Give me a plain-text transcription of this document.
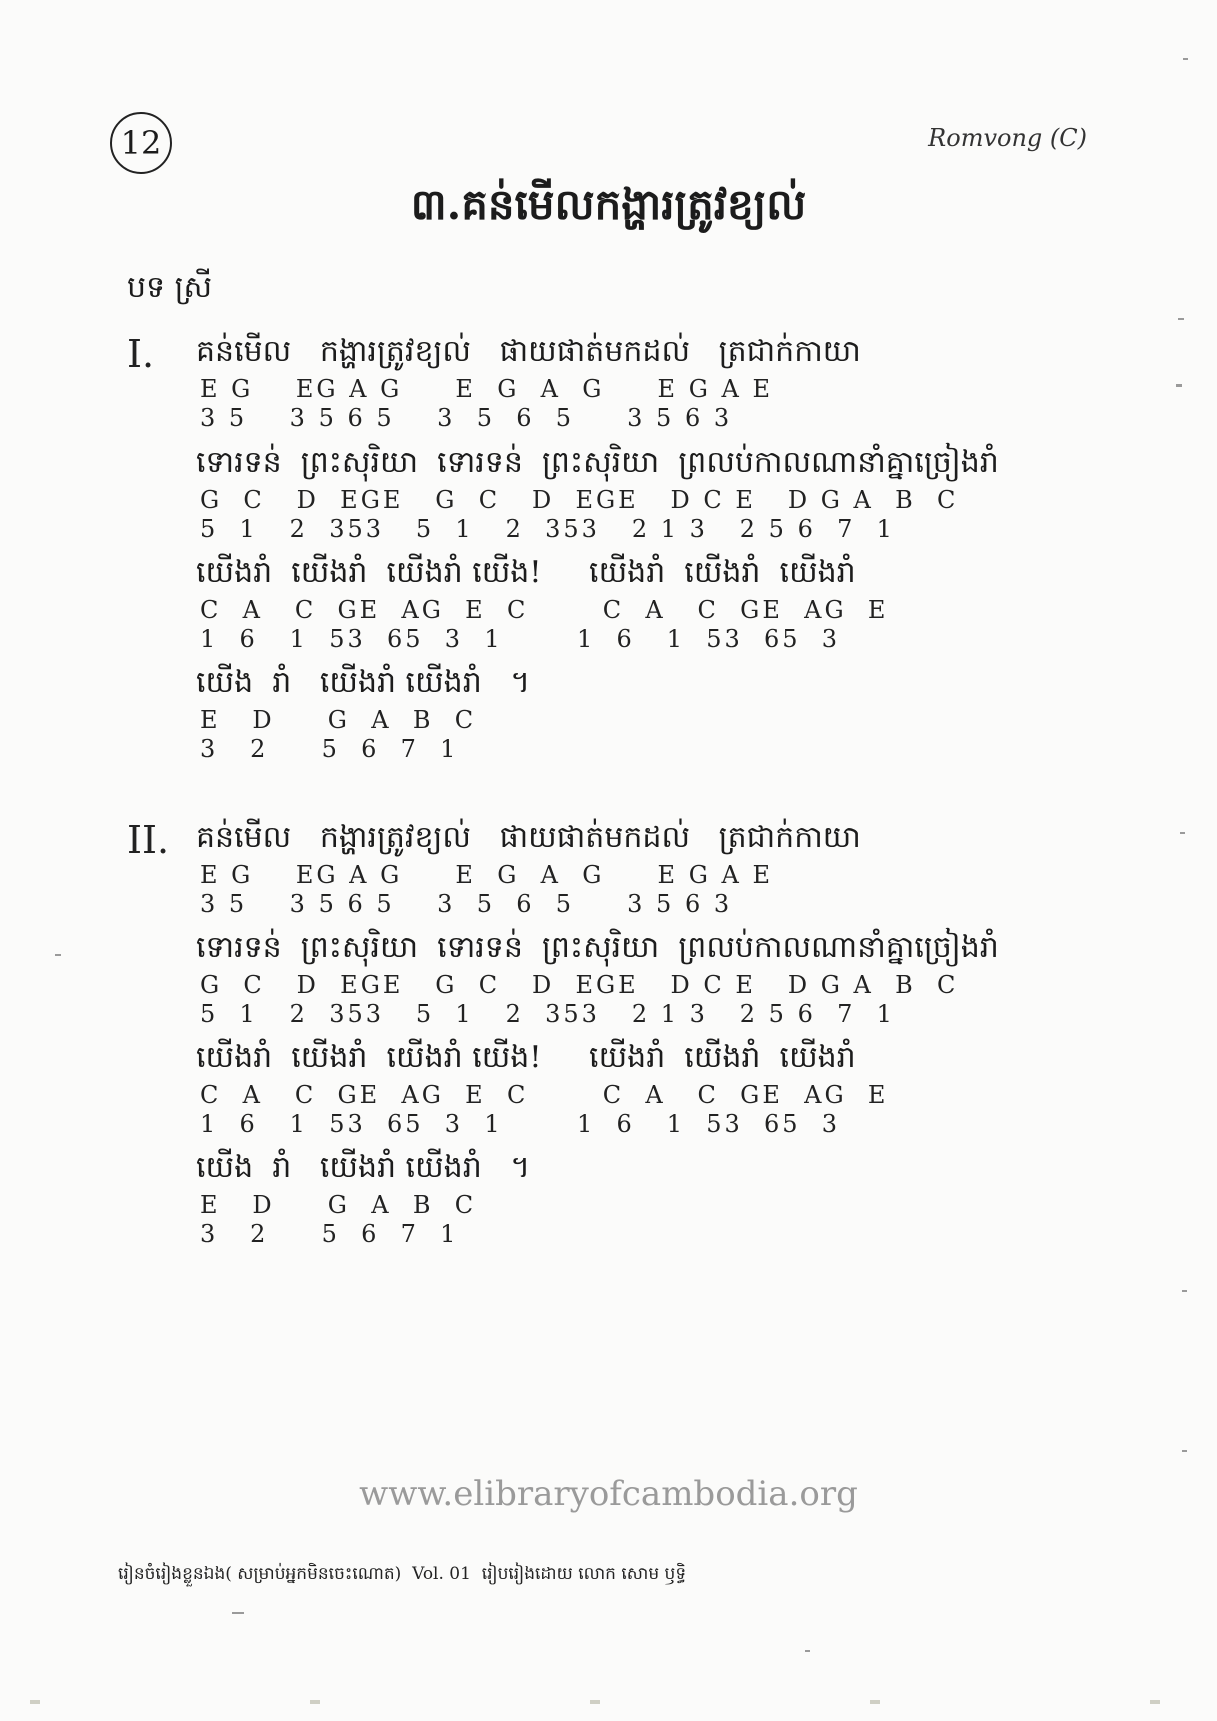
12	Romvong (C)
៣.គន់មើលកង្ហារត្រូវខ្យល់
បទ ស្រី
I. គន់មើល   កង្ហារត្រូវខ្យល់   ផាយផាត់មកដល់   ត្រជាក់កាយា
E G    EG A G     E  G  A  G     E G A E
3 5    3 5 6 5    3  5  6  5     3 5 6 3
ទោរទន់  ព្រះសុរិយា  ទោរទន់  ព្រះសុរិយា  ព្រលប់កាលណានាំគ្នាច្រៀងរាំ
G  C   D  EGE   G  C   D  EGE   D C E   D G A  B  C
5  1   2  353   5  1   2  353   2 1 3   2 5 6  7  1
យើងរាំ  យើងរាំ  យើងរាំ យើង!     យើងរាំ  យើងរាំ  យើងរាំ
C  A   C  GE  AG  E  C       C  A   C  GE  AG  E
1  6   1  53  65  3  1       1  6   1  53  65  3
យើង  រាំ   យើងរាំ យើងរាំ   ។
E   D     G  A  B  C
3   2     5  6  7  1
II. គន់មើល   កង្ហារត្រូវខ្យល់   ផាយផាត់មកដល់   ត្រជាក់កាយា
E G    EG A G     E  G  A  G     E G A E
3 5    3 5 6 5    3  5  6  5     3 5 6 3
ទោរទន់  ព្រះសុរិយា  ទោរទន់  ព្រះសុរិយា  ព្រលប់កាលណានាំគ្នាច្រៀងរាំ
G  C   D  EGE   G  C   D  EGE   D C E   D G A  B  C
5  1   2  353   5  1   2  353   2 1 3   2 5 6  7  1
យើងរាំ  យើងរាំ  យើងរាំ យើង!     យើងរាំ  យើងរាំ  យើងរាំ
C  A   C  GE  AG  E  C       C  A   C  GE  AG  E
1  6   1  53  65  3  1       1  6   1  53  65  3
យើង  រាំ   យើងរាំ យើងរាំ   ។
E   D     G  A  B  C
3   2     5  6  7  1
www.elibraryofcambodia.org
រៀនចំរៀងខ្លួនឯង( សម្រាប់អ្នកមិនចេះណោត)  Vol. 01  រៀបរៀងដោយ លោក សោម ឫទ្ធិ
